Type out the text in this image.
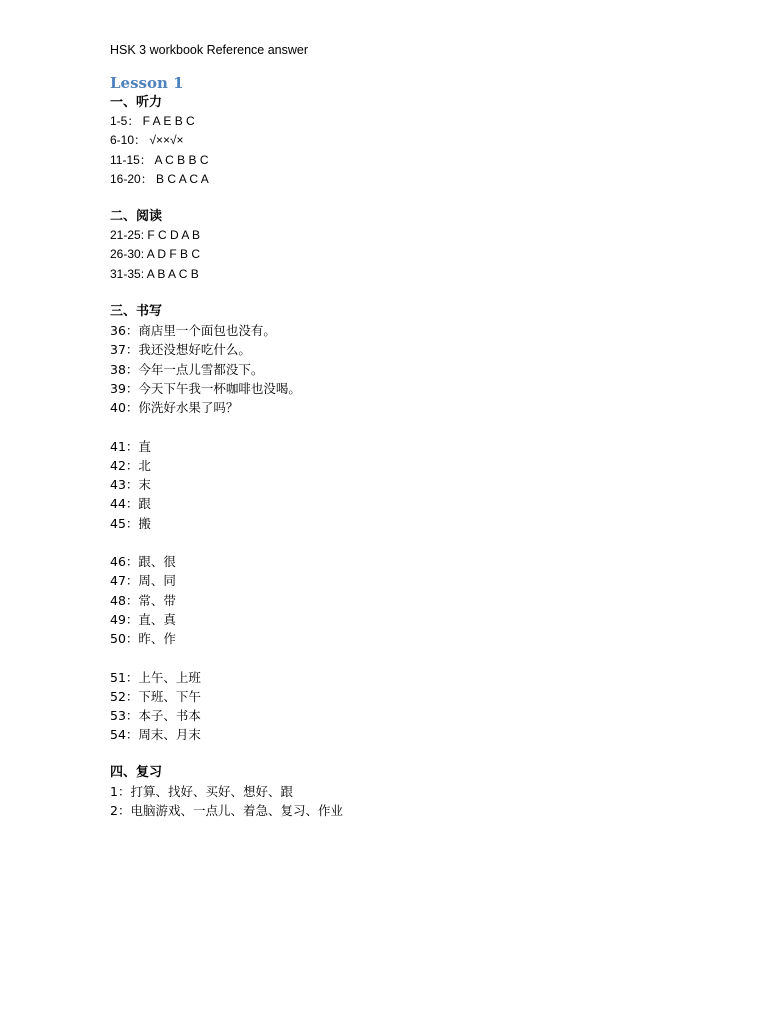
HSK 3 workbook Reference answer
Lesson 1
一、听力
1-5： F A E B C
6-10： √××√×
11-15： A C B B C
16-20： B C A C A
二、阅读
21-25: F C D A B
26-30: A D F B C
31-35: A B A C B
三、书写
36：商店里一个面包也没有。
37：我还没想好吃什么。
38：今年一点儿雪都没下。
39：今天下午我一杯咖啡也没喝。
40：你洗好水果了吗？
41：直
42：北
43：末
44：跟
45：搬
46：跟、很
47：周、同
48：常、带
49：直、真
50：昨、作
51：上午、上班
52：下班、下午
53：本子、书本
54：周末、月末
四、复习
1：打算、找好、买好、想好、跟
2：电脑游戏、一点儿、着急、复习、作业
